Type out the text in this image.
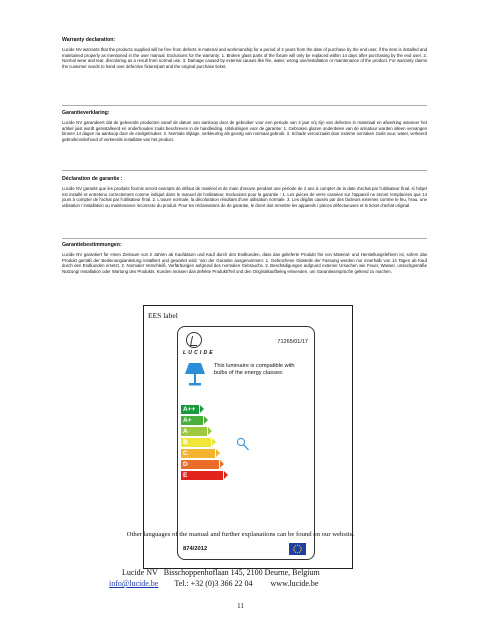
Warranty declaration:

Lucide NV warrants that the products supplied will be free from defects in material and workmanship for a period of 2 years from the date of purchase by the end user, if the item is installed and maintained properly as mentioned in the user manual. Exclusions for the warranty: 1. Broken glass parts of the fixture will only be replaced within 14 days after purchasing by the end user. 2. Normal wear and tear, discoloring as a result from normal use. 3. Damage caused by external causes like fire, water, wrong use/installation or maintenance of the product. For warranty claims the customer needs to hand over defective fixture/part and the original purchase ticket.

Garantieverklaring:

Lucide NV garandeert dat de geleverde producten vanaf de datum van aankoop door de gebruiker voor een periode van 2 jaar vrij zijn van defecten in materiaal en afwerking wanneer het artikel juist wordt geïnstalleerd en onderhouden zoals beschreven in de handleiding. Uitsluitingen voor de garantie: 1. Gebroken glazen onderdelen van de armatuur worden alleen vervangen binnen 14 dagen na aankoop door de eindgebruiker. 2. Normale slijtage, verkleuring als gevolg van normaal gebruik. 3. Schade veroorzaakt door externe oorzaken zoals vuur, water, verkeerd gebruik/onderhoud of verkeerde installatie van het product.

Déclaration de garantie :

Lucide NV garantit que les produits fournis seront exempts de défaut de matériel et de main d'œuvre pendant une période de 2 ans à compter de la date d'achat par l'utilisateur final, si l'objet est installé et entretenu correctement comme indiqué dans le manuel de l'utilisateur. Exclusions pour la garantie : 1. Les pièces de verre cassées sur l'appareil ne seront remplacées que 14 jours à compter de l'achat par l'utilisateur final. 2. L'usure normale, la décoloration résultant d'une utilisation normale. 3. Les dégâts causés par des facteurs externes comme le feu, l'eau, une utilisation / installation ou maintenance incorrecte du produit. Pour les réclamations de de garantie, le client doit remettre les appareils / pièces défectueuses et le ticket d'achat original.

Garantiebestimmungen:

Lucide NV garantiert für einen Zeitraum von 2 Jahren ab Kaufdatum und Kauf durch den Endkunden, dass das gelieferte Produkt frei von Material- und Herstellungsfehlern ist, sofern das Produkt gemäß der Bedienungsanleitung installiert und gewartet wird. Von der Garantie ausgenommen: 1. Gebrochene Glasteile der Fassung werden nur innerhalb von 14 Tagen ab Kauf durch den Endkunden ersetzt. 2. Normaler Verschleiß, Verfärbungen aufgrund des normalen Gebrauchs. 3. Beschädigungen aufgrund externer Ursachen wie Feuer, Wasser, unsachgemäße Nutzung/ Installation oder Wartung des Produkts. Kunden müssen das defekte Produkt/Teil und den Originalkaufbeleg einsenden, um Garantieansprüche geltend zu machen.

EES label
LUCIDE
71265/01/17
This luminaire is compatible with bulbs of the energy classes:
A++
A+
A
B
C
D
E
874/2012
Other languages of the manual and further explanations can be found on our website.
Lucide NV Bisschoppenhoflaan 145, 2100 Deurne, Belgium
info@lucide.be Tel.: +32 (0)3 366 22 04 www.lucide.be
11
